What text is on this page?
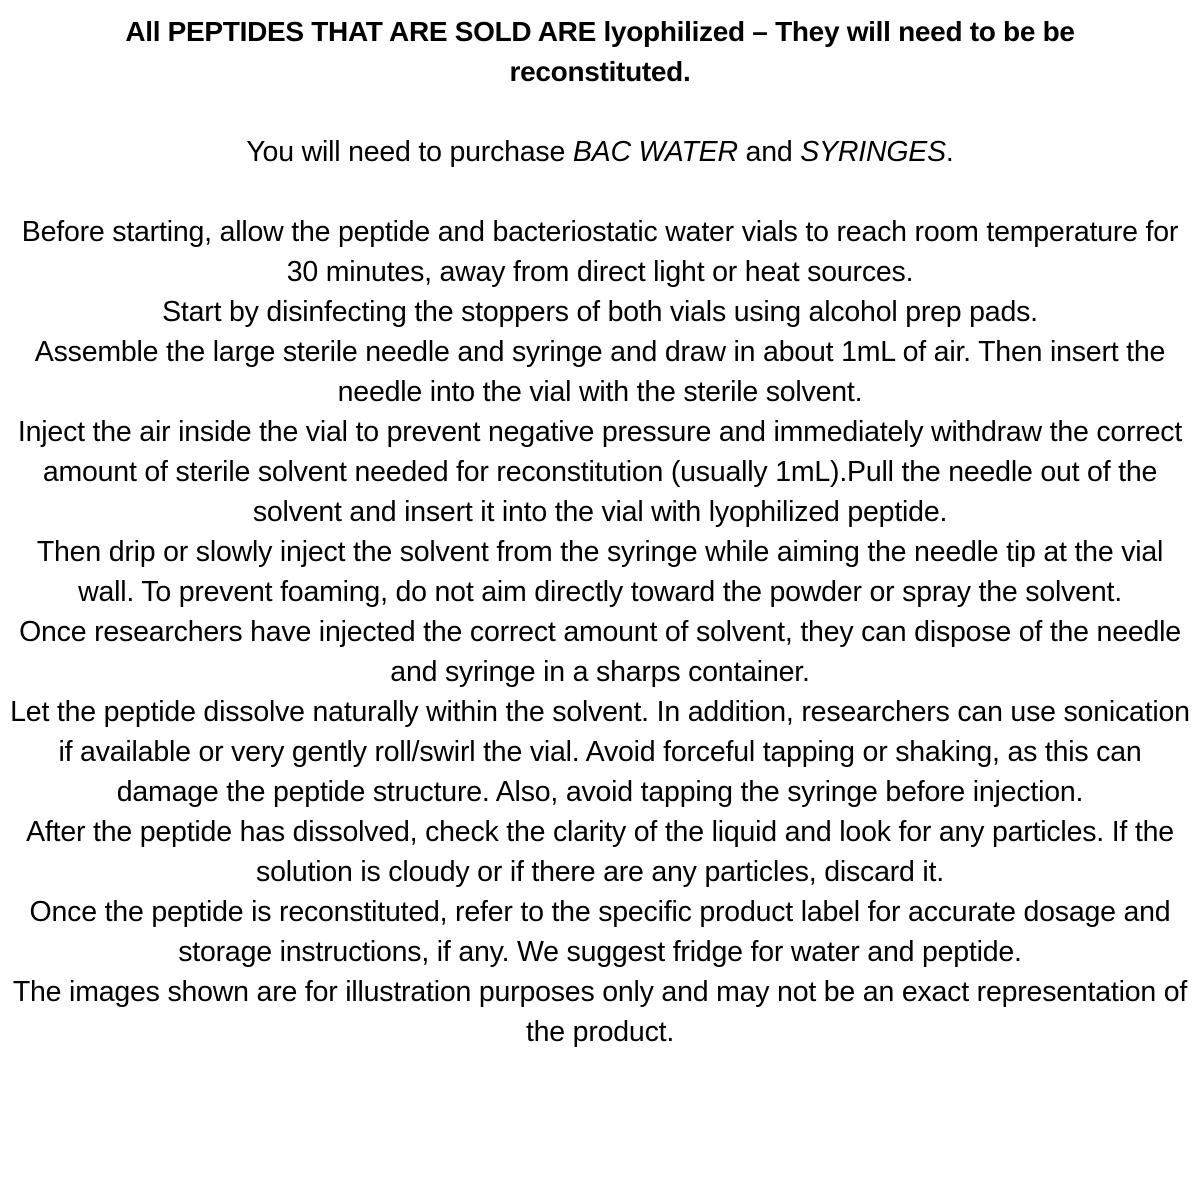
All PEPTIDES THAT ARE SOLD ARE lyophilized – They will need to be be
reconstituted.

You will need to purchase BAC WATER and SYRINGES.

Before starting, allow the peptide and bacteriostatic water vials to reach room temperature for 30 minutes, away from direct light or heat sources.

Start by disinfecting the stoppers of both vials using alcohol prep pads.

Assemble the large sterile needle and syringe and draw in about 1mL of air. Then insert the needle into the vial with the sterile solvent.

Inject the air inside the vial to prevent negative pressure and immediately withdraw the correct amount of sterile solvent needed for reconstitution (usually 1mL).Pull the needle out of the solvent and insert it into the vial with lyophilized peptide.

Then drip or slowly inject the solvent from the syringe while aiming the needle tip at the vial wall. To prevent foaming, do not aim directly toward the powder or spray the solvent.

Once researchers have injected the correct amount of solvent, they can dispose of the needle and syringe in a sharps container.

Let the peptide dissolve naturally within the solvent. In addition, researchers can use sonication if available or very gently roll/swirl the vial. Avoid forceful tapping or shaking, as this can damage the peptide structure. Also, avoid tapping the syringe before injection.

After the peptide has dissolved, check the clarity of the liquid and look for any particles. If the solution is cloudy or if there are any particles, discard it.

Once the peptide is reconstituted, refer to the specific product label for accurate dosage and storage instructions, if any. We suggest fridge for water and peptide.

The images shown are for illustration purposes only and may not be an exact representation of the product.
